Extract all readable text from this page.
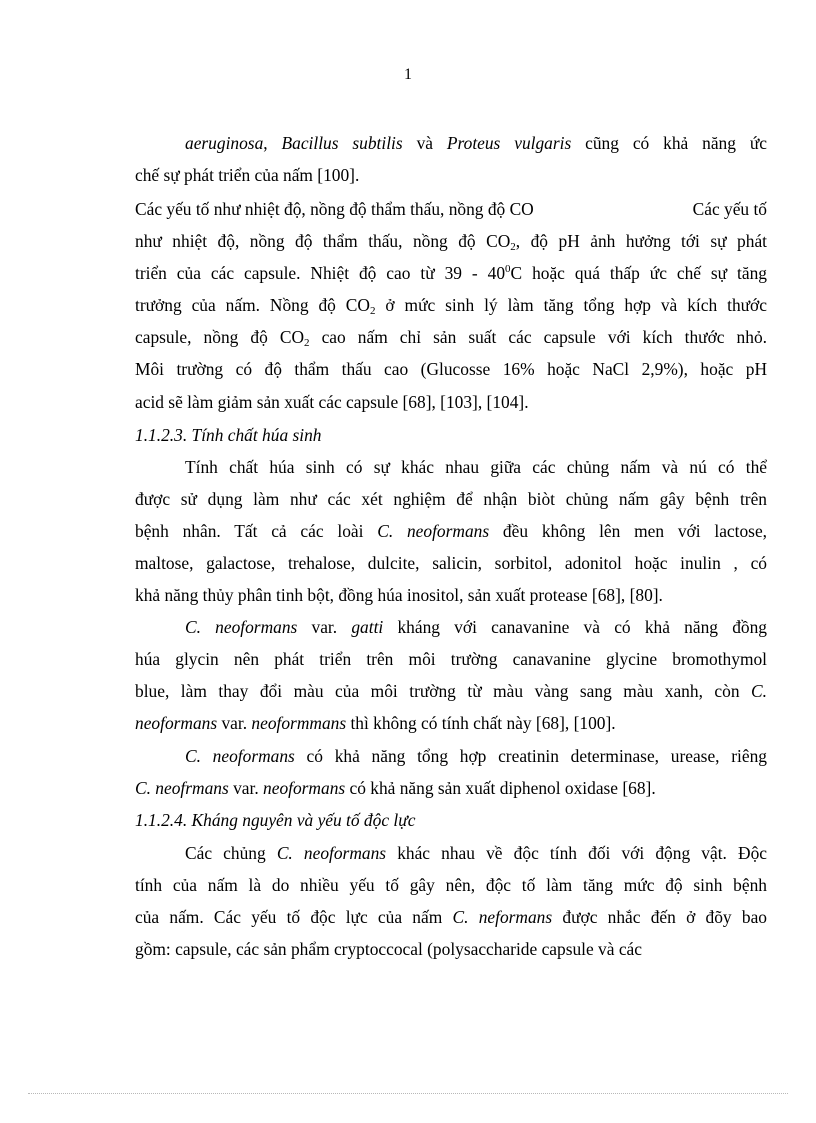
1
aeruginosa, Bacillus subtilis và Proteus vulgaris cũng có khả năng ức
chế sự phát triển của nấm [100].
Các yếu tố như nhiệt độ, nồng độ thẩm thấu, nồng độ CO	Các yếu tố
như nhiệt độ, nồng độ thẩm thấu, nồng độ $CO_2$, độ pH ảnh hưởng tới sự phát
triển của các capsule. Nhiệt độ cao từ $39 - 40^0C$ hoặc quá thấp ức chế sự tăng
trưởng của nấm. Nồng độ $CO_2$ ở mức sinh lý làm tăng tổng hợp và kích thước
capsule, nồng độ $CO_2$ cao nấm chỉ sản suất các capsule với kích thước nhỏ.
Môi trường có độ thẩm thấu cao (Glucosse 16% hoặc NaCl 2,9%), hoặc pH
acid sẽ làm giảm sản xuất các capsule [68], [103], [104].
1.1.2.3. Tính chất húa sinh
Tính chất húa sinh có sự khác nhau giữa các chủng nấm và nú có thể
được sử dụng làm như các xét nghiệm để nhận biòt chủng nấm gây bệnh trên
bệnh nhân. Tất cả các loài C. neoformans đều không lên men với lactose,
maltose, galactose, trehalose, dulcite, salicin, sorbitol, adonitol hoặc inulin , có
khả năng thủy phân tinh bột, đồng húa inositol, sản xuất protease [68], [80].
C. neoformans var. gatti kháng với canavanine và có khả năng đồng
húa glycin nên phát triển trên môi trường canavanine glycine bromothymol
blue, làm thay đổi màu của môi trường từ màu vàng sang màu xanh, còn C.
neoformans var. neoformmans thì không có tính chất này [68], [100].
C. neoformans có khả năng tổng hợp creatinin determinase, urease, riêng
C. neofrmans var. neoformans có khả năng sản xuất diphenol oxidase [68].
1.1.2.4. Kháng nguyên và yếu tố độc lực
Các chủng C. neoformans khác nhau về độc tính đối với động vật. Độc
tính của nấm là do nhiều yếu tố gây nên, độc tố làm tăng mức độ sinh bệnh
của nấm. Các yếu tố độc lực của nấm C. neformans được nhắc đến ở đõy bao
gồm: capsule, các sản phẩm cryptoccocal (polysaccharide capsule và các
